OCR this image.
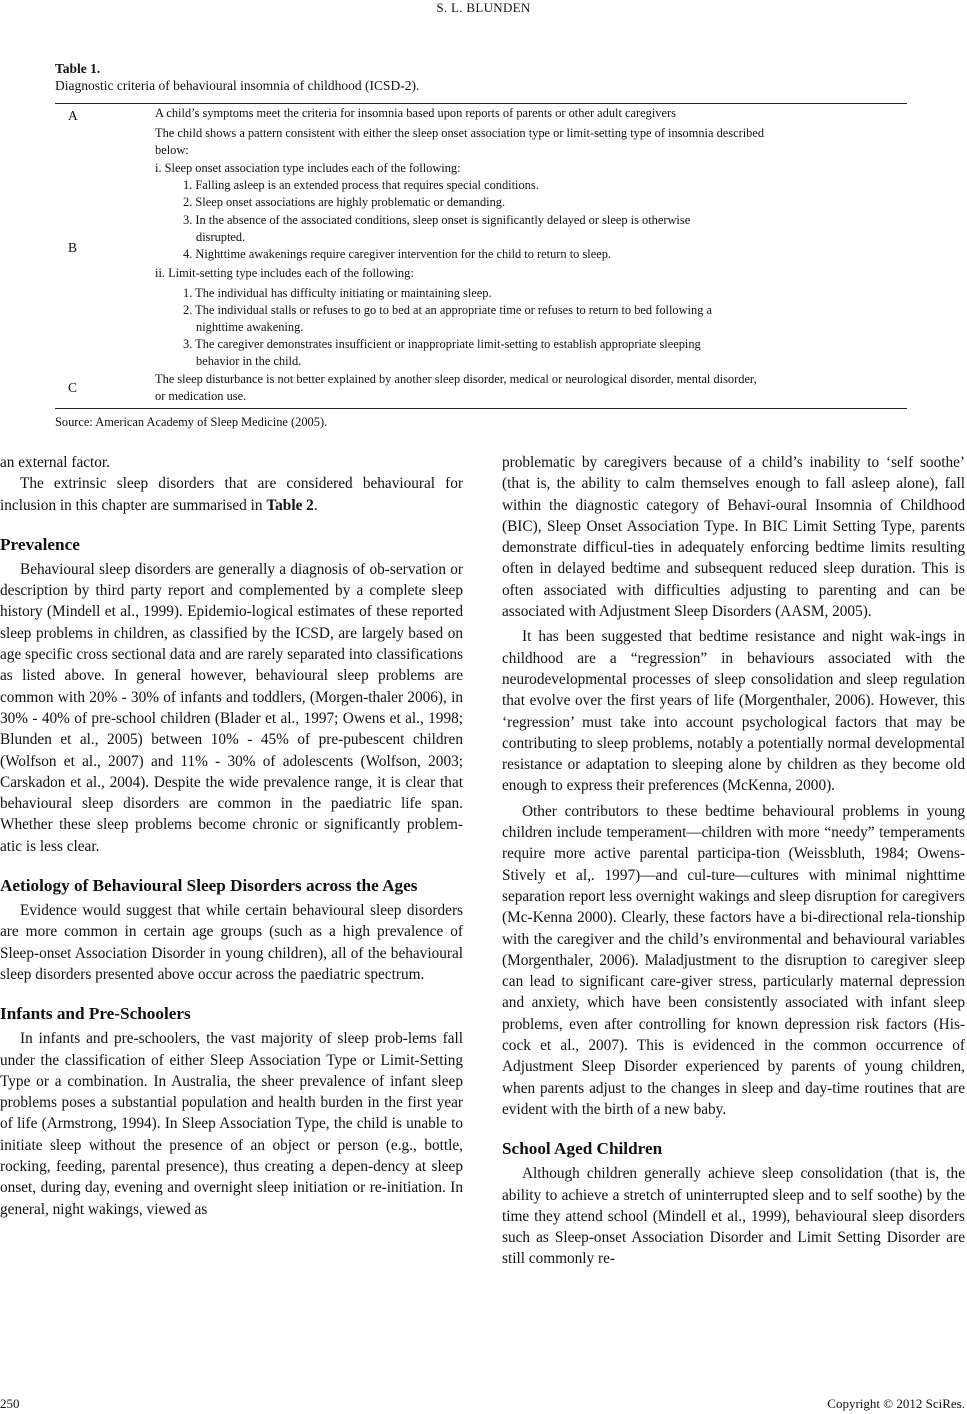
S. L. BLUNDEN
Table 1.
Diagnostic criteria of behavioural insomnia of childhood (ICSD-2).
A	A child’s symptoms meet the criteria for insomnia based upon reports of parents or other adult caregivers
B
The child shows a pattern consistent with either the sleep onset association type or limit-setting type of insomnia described
below:
i. Sleep onset association type includes each of the following:
1. Falling asleep is an extended process that requires special conditions.
2. Sleep onset associations are highly problematic or demanding.
3. In the absence of the associated conditions, sleep onset is significantly delayed or sleep is otherwise
disrupted.
4. Nighttime awakenings require caregiver intervention for the child to return to sleep.
ii. Limit-setting type includes each of the following:
1. The individual has difficulty initiating or maintaining sleep.
2. The individual stalls or refuses to go to bed at an appropriate time or refuses to return to bed following a
nighttime awakening.
3. The caregiver demonstrates insufficient or inappropriate limit-setting to establish appropriate sleeping
behavior in the child.
C
The sleep disturbance is not better explained by another sleep disorder, medical or neurological disorder, mental disorder,
or medication use.
Source: American Academy of Sleep Medicine (2005).

an external factor.

The extrinsic sleep disorders that are considered behavioural for inclusion in this chapter are summarised in Table 2.

Prevalence

Behavioural sleep disorders are generally a diagnosis of ob-servation or description by third party report and complemented by a complete sleep history (Mindell et al., 1999). Epidemio-logical estimates of these reported sleep problems in children, as classified by the ICSD, are largely based on age specific cross sectional data and are rarely separated into classifications as listed above. In general however, behavioural sleep problems are common with 20% - 30% of infants and toddlers, (Morgen-thaler 2006), in 30% - 40% of pre-school children (Blader et al., 1997; Owens et al., 1998; Blunden et al., 2005) between 10% - 45% of pre-pubescent children (Wolfson et al., 2007) and 11% - 30% of adolescents (Wolfson, 2003; Carskadon et al., 2004). Despite the wide prevalence range, it is clear that behavioural sleep disorders are common in the paediatric life span. Whether these sleep problems become chronic or significantly problem-atic is less clear.

Aetiology of Behavioural Sleep Disorders across the Ages

Evidence would suggest that while certain behavioural sleep disorders are more common in certain age groups (such as a high prevalence of Sleep-onset Association Disorder in young children), all of the behavioural sleep disorders presented above occur across the paediatric spectrum.

Infants and Pre-Schoolers

In infants and pre-schoolers, the vast majority of sleep prob-lems fall under the classification of either Sleep Association Type or Limit-Setting Type or a combination. In Australia, the sheer prevalence of infant sleep problems poses a substantial population and health burden in the first year of life (Armstrong, 1994). In Sleep Association Type, the child is unable to initiate sleep without the presence of an object or person (e.g., bottle, rocking, feeding, parental presence), thus creating a depen-dency at sleep onset, during day, evening and overnight sleep initiation or re-initiation. In general, night wakings, viewed as

problematic by caregivers because of a child’s inability to ‘self soothe’ (that is, the ability to calm themselves enough to fall asleep alone), fall within the diagnostic category of Behavi-oural Insomnia of Childhood (BIC), Sleep Onset Association Type. In BIC Limit Setting Type, parents demonstrate difficul-ties in adequately enforcing bedtime limits resulting often in delayed bedtime and subsequent reduced sleep duration. This is often associated with difficulties adjusting to parenting and can be associated with Adjustment Sleep Disorders (AASM, 2005).

It has been suggested that bedtime resistance and night wak-ings in childhood are a “regression” in behaviours associated with the neurodevelopmental processes of sleep consolidation and sleep regulation that evolve over the first years of life (Morgenthaler, 2006). However, this ‘regression’ must take into account psychological factors that may be contributing to sleep problems, notably a potentially normal developmental resistance or adaptation to sleeping alone by children as they become old enough to express their preferences (McKenna, 2000).

Other contributors to these bedtime behavioural problems in young children include temperament—children with more “needy” temperaments require more active parental participa-tion (Weissbluth, 1984; Owens-Stively et al,. 1997)—and cul-ture—cultures with minimal nighttime separation report less overnight wakings and sleep disruption for caregivers (Mc-Kenna 2000). Clearly, these factors have a bi-directional rela-tionship with the caregiver and the child’s environmental and behavioural variables (Morgenthaler, 2006). Maladjustment to the disruption to caregiver sleep can lead to significant care-giver stress, particularly maternal depression and anxiety, which have been consistently associated with infant sleep problems, even after controlling for known depression risk factors (His-cock et al., 2007). This is evidenced in the common occurrence of Adjustment Sleep Disorder experienced by parents of young children, when parents adjust to the changes in sleep and day-time routines that are evident with the birth of a new baby.

School Aged Children

Although children generally achieve sleep consolidation (that is, the ability to achieve a stretch of uninterrupted sleep and to self soothe) by the time they attend school (Mindell et al., 1999), behavioural sleep disorders such as Sleep-onset Association Disorder and Limit Setting Disorder are still commonly re-

250	Copyright © 2012 SciRes.
